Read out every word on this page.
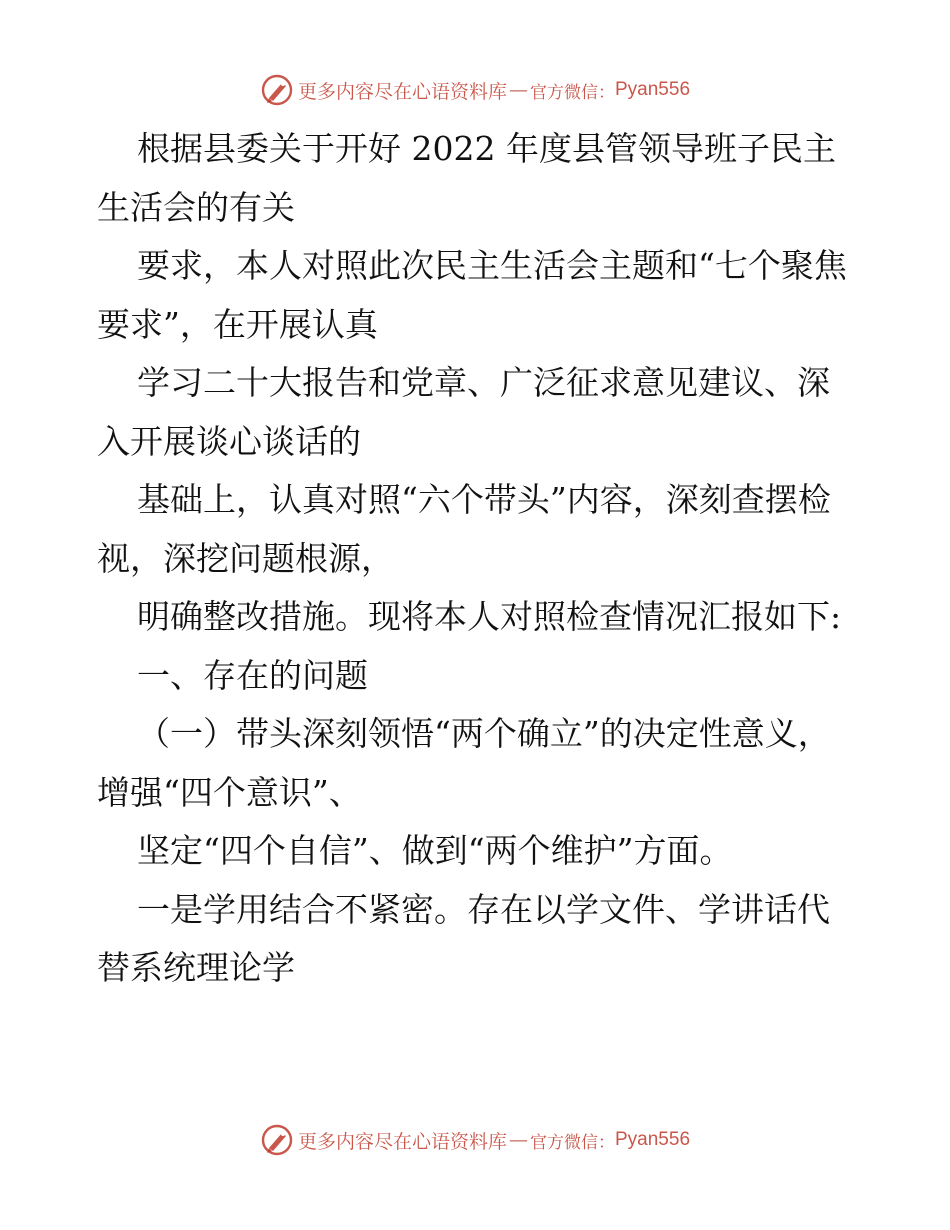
更多内容尽在心语资料库 — 官方微信： Pyan556

根据县委关于开好 2022 年度县管领导班子民主生活会的有关

要求，本人对照此次民主生活会主题和“七个聚焦要求”，在开展认真

学习二十大报告和党章、广泛征求意见建议、深入开展谈心谈话的

基础上，认真对照“六个带头”内容，深刻查摆检视，深挖问题根源，

明确整改措施。现将本人对照检查情况汇报如下:

一、存在的问题

（一）带头深刻领悟“两个确立”的决定性意义，增强“四个意识”、

坚定“四个自信”、做到“两个维护”方面。

一是学用结合不紧密。存在以学文件、学讲话代替系统理论学

更多内容尽在心语资料库 — 官方微信： Pyan556
